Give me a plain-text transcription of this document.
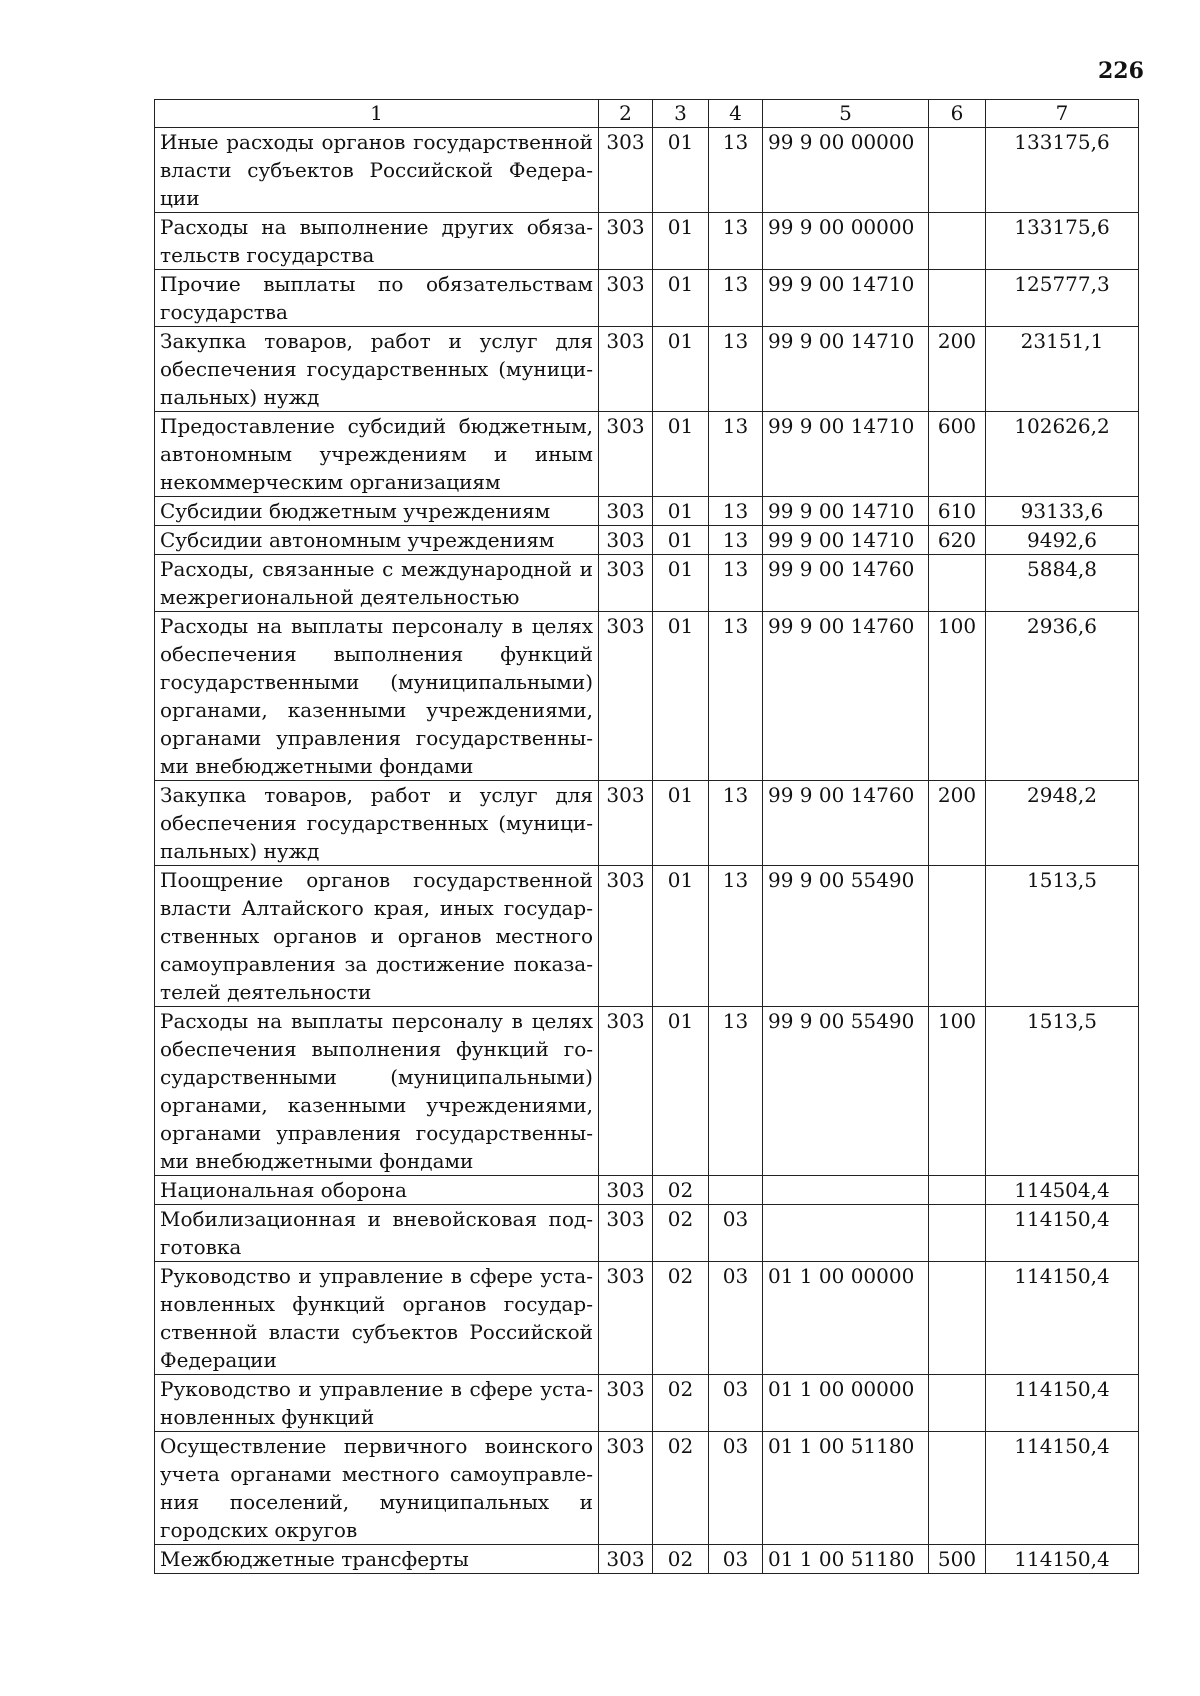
226
1	2	3	4	5	6	7
Иные расходы органов государственной власти субъектов Российской Федерации	303	01	13	99 9 00 00000		133175,6
Расходы на выполнение других обязательств государства	303	01	13	99 9 00 00000		133175,6
Прочие выплаты по обязательствам государства	303	01	13	99 9 00 14710		125777,3
Закупка товаров, работ и услуг для обеспечения государственных (муниципальных) нужд	303	01	13	99 9 00 14710	200	23151,1
Предоставление субсидий бюджетным, автономным учреждениям и иным некоммерческим организациям	303	01	13	99 9 00 14710	600	102626,2
Субсидии бюджетным учреждениям	303	01	13	99 9 00 14710	610	93133,6
Субсидии автономным учреждениям	303	01	13	99 9 00 14710	620	9492,6
Расходы, связанные с международной и межрегиональной деятельностью	303	01	13	99 9 00 14760		5884,8
Расходы на выплаты персоналу в целях обеспечения выполнения функций государственными (муниципальными) органами, казенными учреждениями, органами управления государственными внебюджетными фондами	303	01	13	99 9 00 14760	100	2936,6
Закупка товаров, работ и услуг для обеспечения государственных (муниципальных) нужд	303	01	13	99 9 00 14760	200	2948,2
Поощрение органов государственной власти Алтайского края, иных государственных органов и органов местного самоуправления за достижение показателей деятельности	303	01	13	99 9 00 55490		1513,5
Расходы на выплаты персоналу в целях обеспечения выполнения функций государственными (муниципальными) органами, казенными учреждениями, органами управления государственными внебюджетными фондами	303	01	13	99 9 00 55490	100	1513,5
Национальная оборона	303	02				114504,4
Мобилизационная и вневойсковая подготовка	303	02	03			114150,4
Руководство и управление в сфере установленных функций органов государственной власти субъектов Российской Федерации	303	02	03	01 1 00 00000		114150,4
Руководство и управление в сфере установленных функций	303	02	03	01 1 00 00000		114150,4
Осуществление первичного воинского учета органами местного самоуправления поселений, муниципальных и городских округов	303	02	03	01 1 00 51180		114150,4
Межбюджетные трансферты	303	02	03	01 1 00 51180	500	114150,4
